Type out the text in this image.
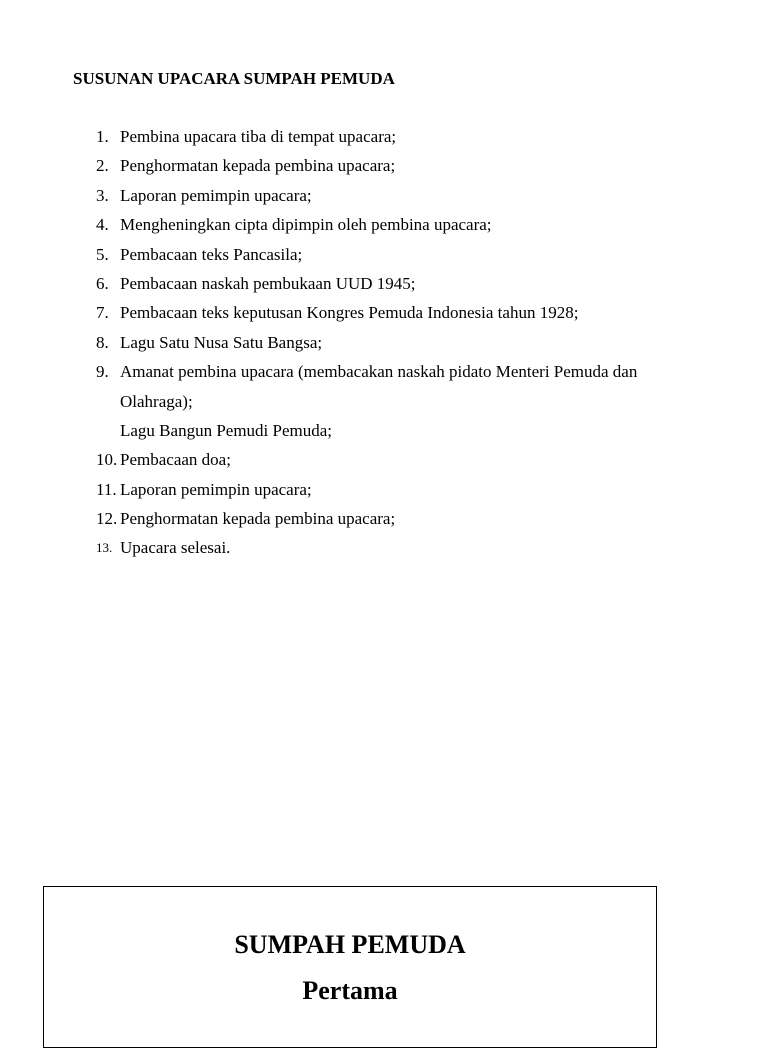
SUSUNAN UPACARA SUMPAH PEMUDA
1. Pembina upacara tiba di tempat upacara;
2. Penghormatan kepada pembina upacara;
3. Laporan pemimpin upacara;
4. Mengheningkan cipta dipimpin oleh pembina upacara;
5. Pembacaan teks Pancasila;
6. Pembacaan naskah pembukaan UUD 1945;
7. Pembacaan teks keputusan Kongres Pemuda Indonesia tahun 1928;
8. Lagu Satu Nusa Satu Bangsa;
9. Amanat pembina upacara (membacakan naskah pidato Menteri Pemuda dan
Olahraga);
Lagu Bangun Pemudi Pemuda;
10. Pembacaan doa;
11. Laporan pemimpin upacara;
12. Penghormatan kepada pembina upacara;
13. Upacara selesai.
SUMPAH PEMUDA
Pertama
